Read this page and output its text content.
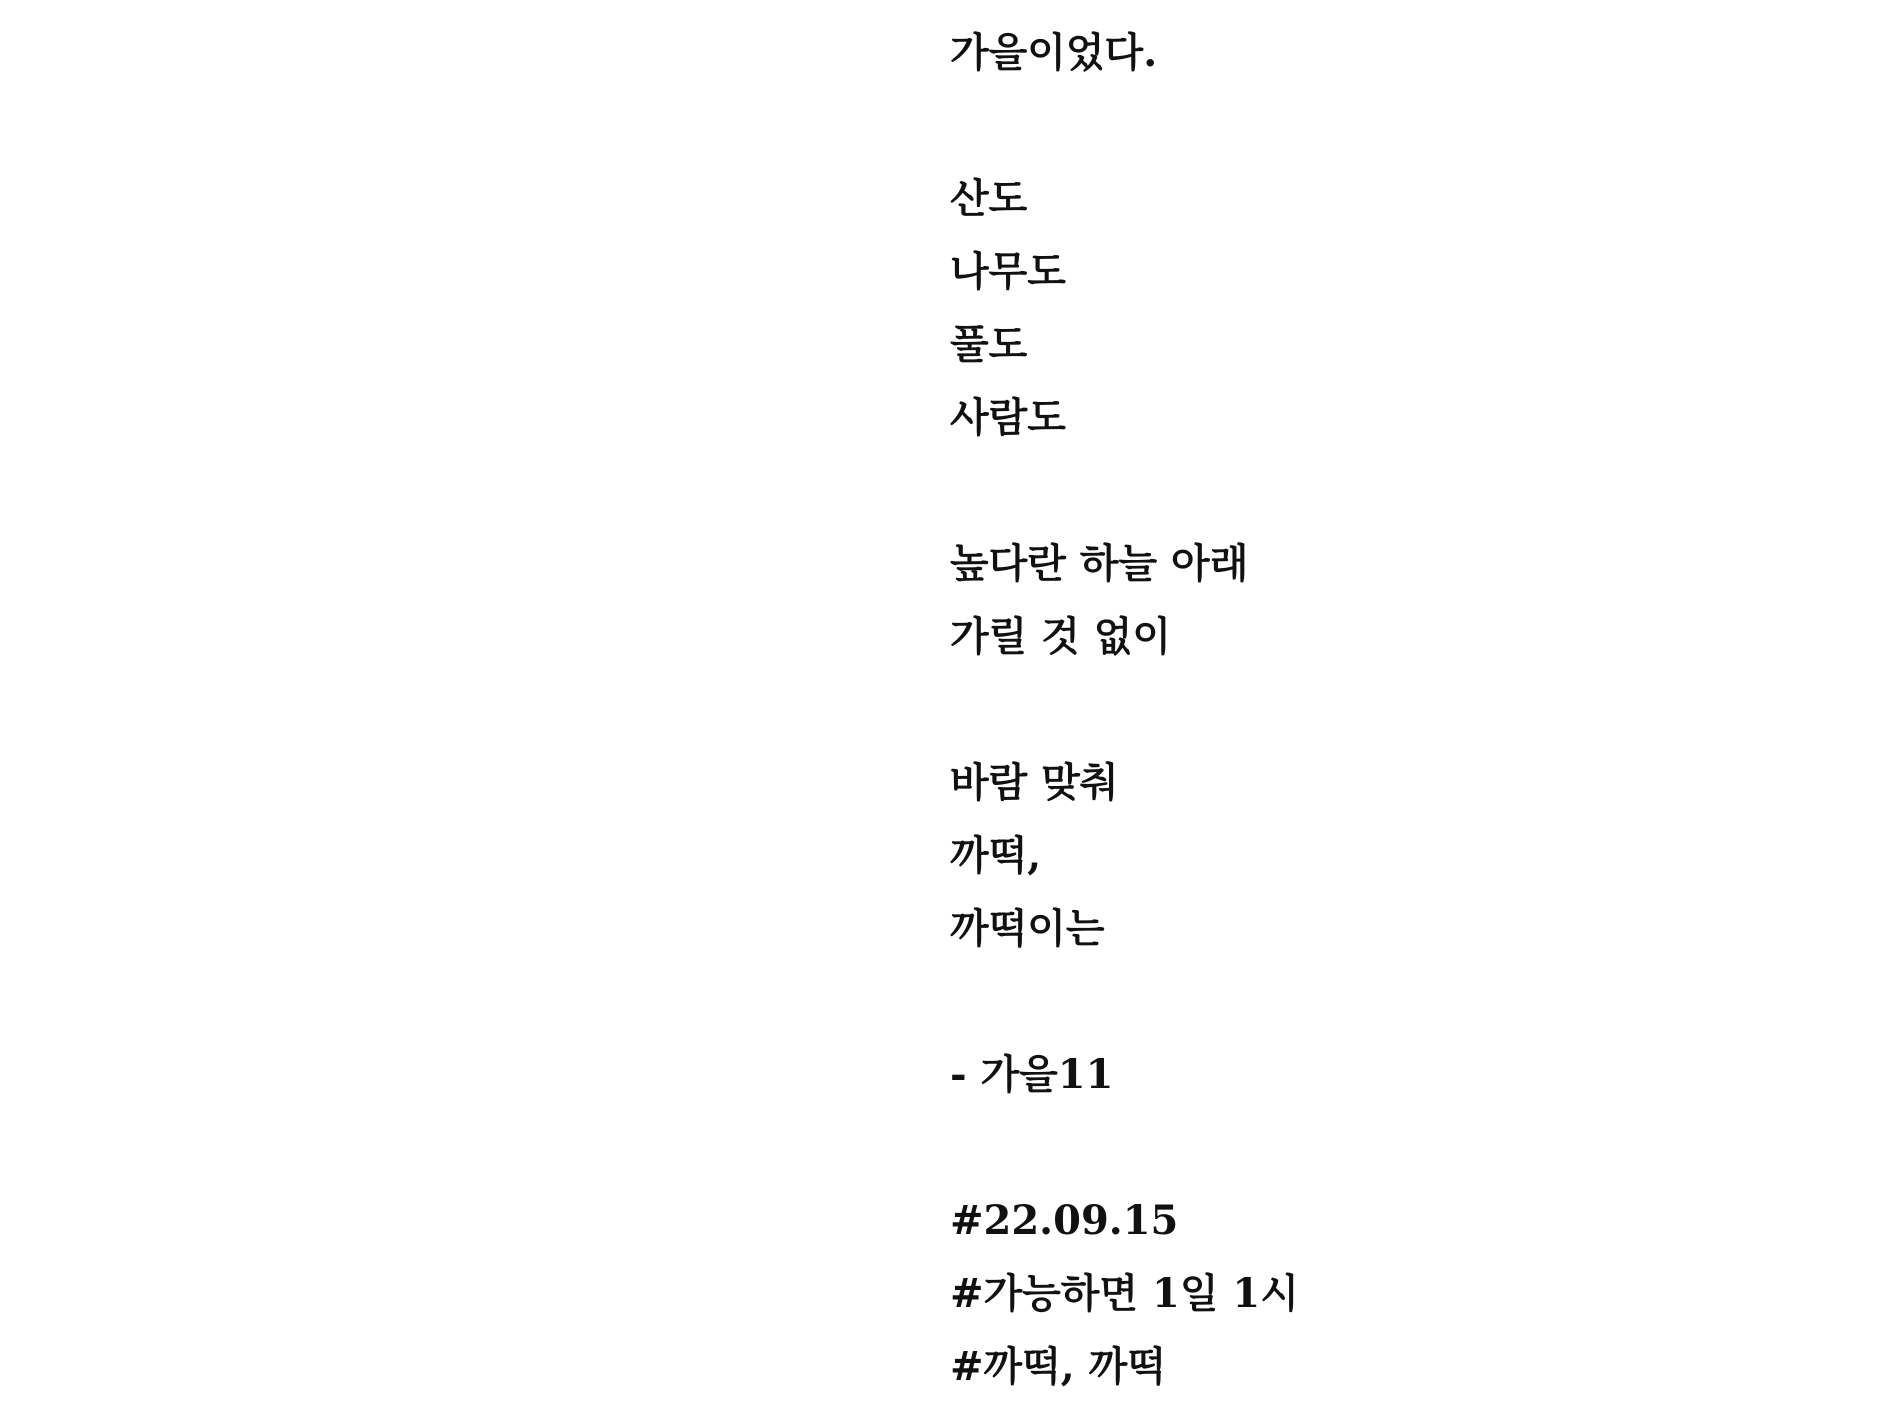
가을이었다.
산도
나무도
풀도
사람도
높다란 하늘 아래
가릴 것 없이
바람 맞춰
까떡,
까떡이는
- 가을11
#22.09.15
#가능하면 1일 1시
#까떡, 까떡
